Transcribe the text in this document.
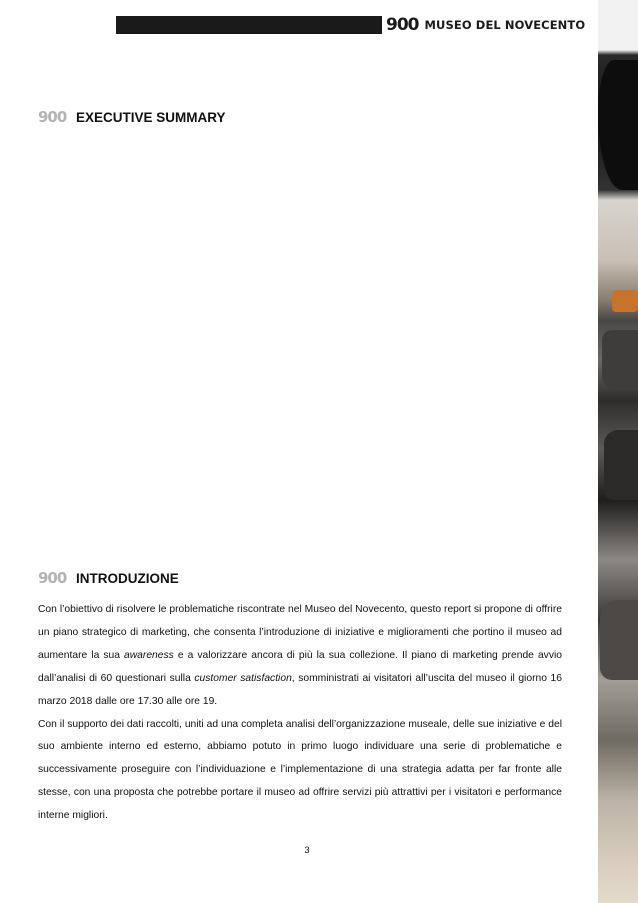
900 MUSEO DEL NOVECENTO
900 EXECUTIVE SUMMARY
900 INTRODUZIONE

Con l’obiettivo di risolvere le problematiche riscontrate nel Museo del Novecento, questo report si propone di offrire un piano strategico di marketing, che consenta l’introduzione di iniziative e miglioramenti che portino il museo ad aumentare la sua awareness e a valorizzare ancora di più la sua collezione. Il piano di marketing prende avvio dall’analisi di 60 questionari sulla customer satisfaction, somministrati ai visitatori all’uscita del museo il giorno 16 marzo 2018 dalle ore 17.30 alle ore 19.

Con il supporto dei dati raccolti, uniti ad una completa analisi dell’organizzazione museale, delle sue iniziative e del suo ambiente interno ed esterno, abbiamo potuto in primo luogo individuare una serie di problematiche e successivamente proseguire con l’individuazione e l’implementazione di una strategia adatta per far fronte alle stesse, con una proposta che potrebbe portare il museo ad offrire servizi più attrattivi per i visitatori e performance interne migliori.

3
